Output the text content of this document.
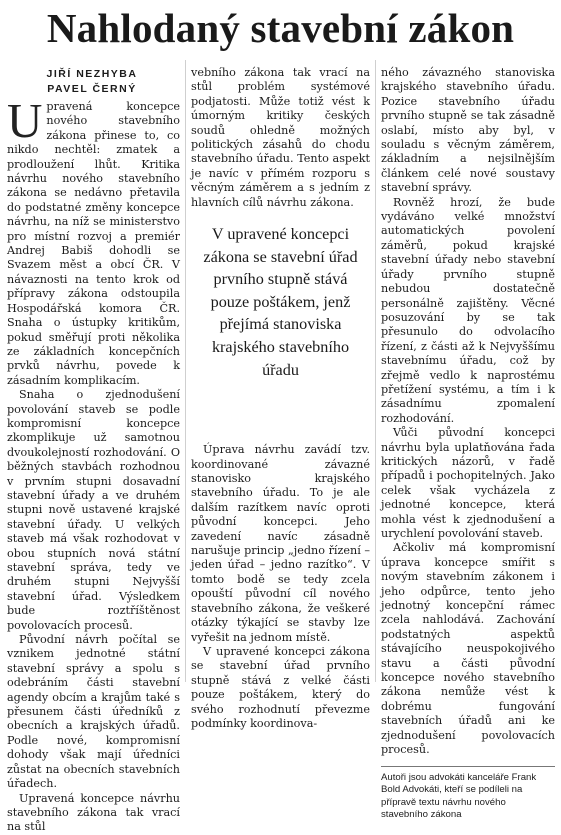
Nahlodaný stavební zákon
JIŘÍ NEZHYBA
PAVEL ČERNÝ

Upravená koncepce nového stavebního zákona přinese to, co nikdo nechtěl: zmatek a prodloužení lhůt. Kritika návrhu nového stavebního zákona se nedávno přetavila do podstatné změny koncepce návrhu, na níž se ministerstvo pro místní rozvoj a premiér Andrej Babiš dohodli se Svazem měst a obcí ČR. V návaznosti na tento krok od přípravy zákona odstoupila Hospodářská komora ČR. Snaha o ústupky kritikům, pokud směřují proti několika ze základních koncepčních prvků návrhu, povede k zásadním komplikacím.

Snaha o zjednodušení povolování staveb se podle kompromisní koncepce zkomplikuje už samotnou dvoukolejností rozhodování. O běžných stavbách rozhodnou v prvním stupni dosavadní stavební úřady a ve druhém stupni nově ustavené krajské stavební úřady. U velkých staveb má však rozhodovat v obou stupních nová státní stavební správa, tedy ve druhém stupni Nejvyšší stavební úřad. Výsledkem bude roztříštěnost povolovacích procesů.

Původní návrh počítal se vznikem jednotné státní stavební správy a spolu s odebráním části stavební agendy obcím a krajům také s přesunem části úředníků z obecních a krajských úřadů. Podle nové, kompromisní dohody však mají úředníci zůstat na obecních stavebních úřadech.

Upravená koncepce návrhu stavebního zákona tak vrací na stůl

vebního zákona tak vrací na stůl problém systémové podjatosti. Může totiž vést k úmorným kritiky českých soudů ohledně možných politických zásahů do chodu stavebního úřadu. Tento aspekt je navíc v přímém rozporu s věcným záměrem a s jedním z hlavních cílů návrhu zákona.

V upravené koncepci zákona se stavební úřad prvního stupně stává pouze poštákem, jenž přejímá stanoviska krajského stavebního úřadu

Úprava návrhu zavádí tzv. koordinované závazné stanovisko krajského stavebního úřadu. To je ale dalším razítkem navíc oproti původní koncepci. Jeho zavedení navíc zásadně narušuje princip „jedno řízení – jeden úřad – jedno razítko“. V tomto bodě se tedy zcela opouští původní cíl nového stavebního zákona, že veškeré otázky týkající se stavby lze vyřešit na jednom místě.

V upravené koncepci zákona se stavební úřad prvního stupně stává z velké části pouze poštákem, který do svého rozhodnutí převezme podmínky koordinova-

ného závazného stanoviska krajského stavebního úřadu. Pozice stavebního úřadu prvního stupně se tak zásadně oslabí, místo aby byl, v souladu s věcným záměrem, základním a nejsilnějším článkem celé nové soustavy stavební správy.

Rovněž hrozí, že bude vydáváno velké množství automatických povolení záměrů, pokud krajské stavební úřady nebo stavební úřady prvního stupně nebudou dostatečně personálně zajištěny. Věcné posuzování by se tak přesunulo do odvolacího řízení, z části až k Nejvyššímu stavebnímu úřadu, což by zřejmě vedlo k naprostému přetížení systému, a tím i k zásadnímu zpomalení rozhodování.

Vůči původní koncepci návrhu byla uplatňována řada kritických názorů, v řadě případů i pochopitelných. Jako celek však vycházela z jednotné koncepce, která mohla vést k zjednodušení a urychlení povolování staveb.

Ačkoliv má kompromisní úprava koncepce smířit s novým stavebním zákonem i jeho odpůrce, tento jeho jednotný koncepční rámec zcela nahlodává. Zachování podstatných aspektů stávajícího neuspokojivého stavu a části původní koncepce nového stavebního zákona nemůže vést k dobrému fungování stavebních úřadů ani ke zjednodušení povolovacích procesů.

Autoři jsou advokáti kanceláře Frank Bold Advokáti, kteří se podíleli na přípravě textu návrhu nového stavebního zákona
